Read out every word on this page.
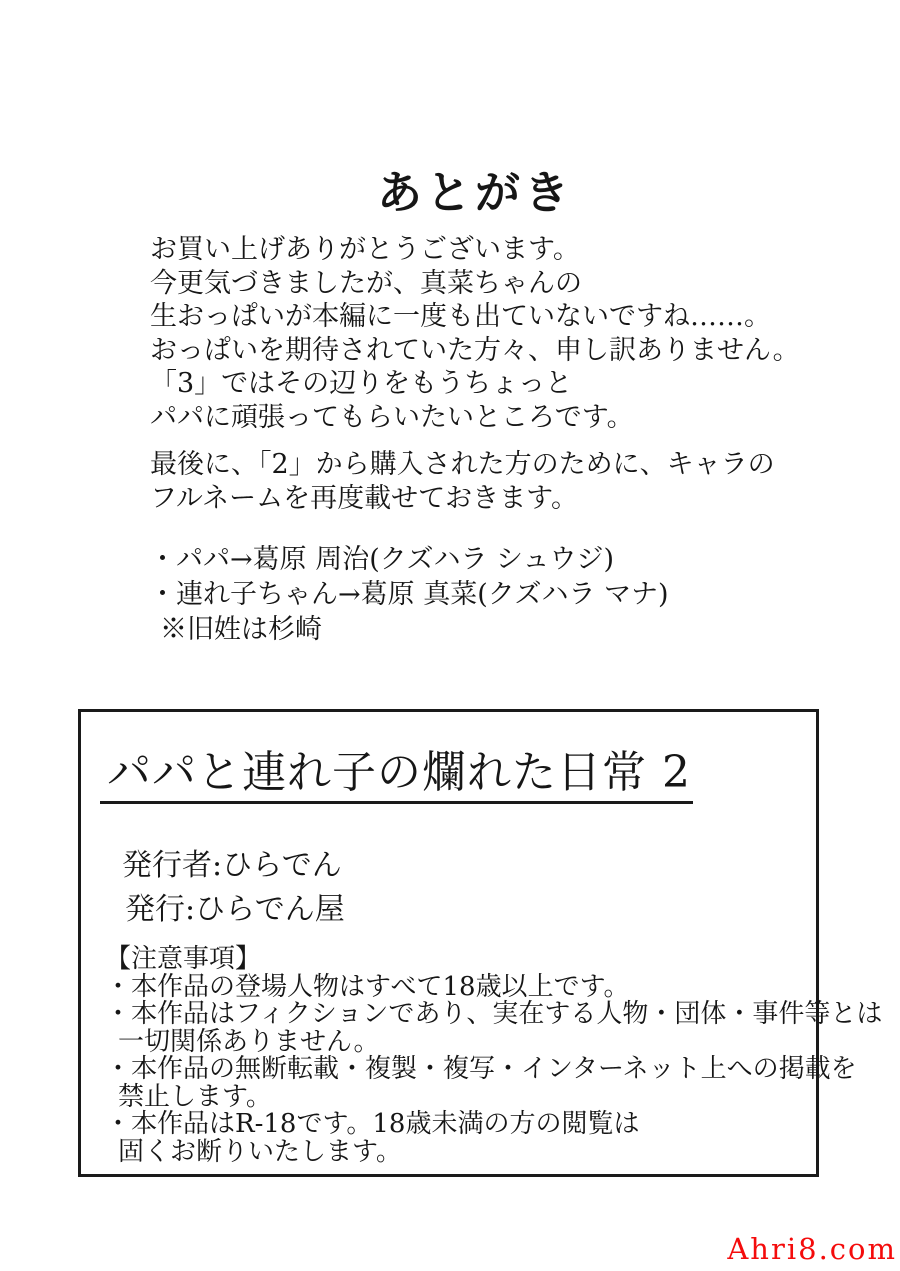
あとがき
お買い上げありがとうございます。
今更気づきましたが、真菜ちゃんの
生おっぱいが本編に一度も出ていないですね……。
おっぱいを期待されていた方々、申し訳ありません。
「3」ではその辺りをもうちょっと
パパに頑張ってもらいたいところです。
最後に、「2」から購入された方のために、キャラの
フルネームを再度載せておきます。
・パパ→葛原 周治(クズハラ シュウジ)
・連れ子ちゃん→葛原 真菜(クズハラ マナ)
※旧姓は杉崎
パパと連れ子の爛れた日常 2
発行者:ひらでん
発行:ひらでん屋
【注意事項】
・本作品の登場人物はすべて18歳以上です。
・本作品はフィクションであり、実在する人物・団体・事件等とは
一切関係ありません。
・本作品の無断転載・複製・複写・インターネット上への掲載を
禁止します。
・本作品はR-18です。18歳未満の方の閲覧は
固くお断りいたします。
Ahri8.com
